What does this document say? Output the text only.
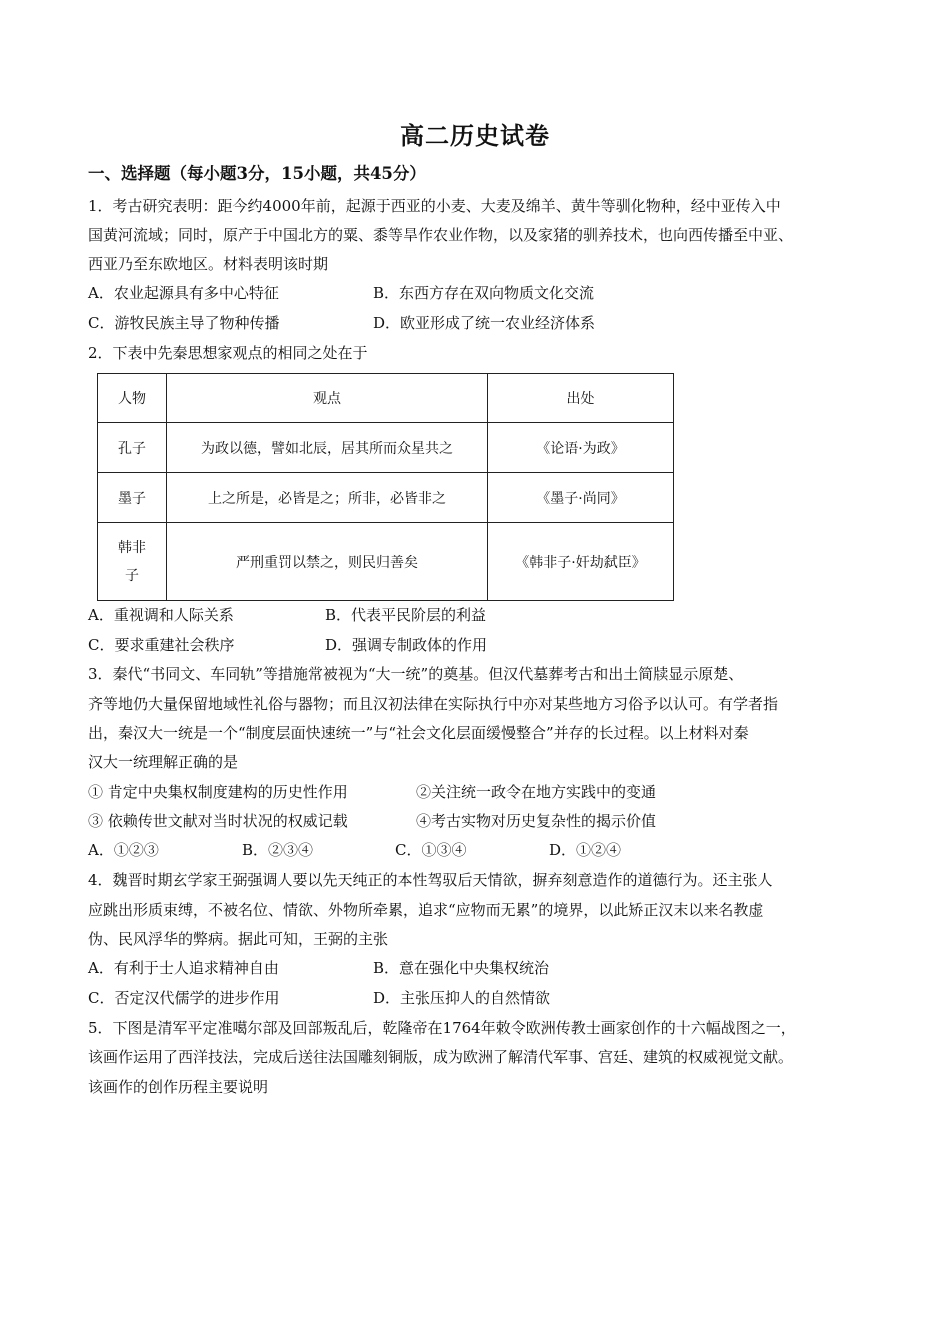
高二历史试卷
一、选择题（每小题3分，15小题，共45分）
1．考古研究表明：距今约4000年前，起源于西亚的小麦、大麦及绵羊、黄牛等驯化物种，经中亚传入中
国黄河流域；同时，原产于中国北方的粟、黍等旱作农业作物，以及家猪的驯养技术，也向西传播至中亚、
西亚乃至东欧地区。材料表明该时期
A．农业起源具有多中心特征	B．东西方存在双向物质文化交流
C．游牧民族主导了物种传播	D．欧亚形成了统一农业经济体系
2．下表中先秦思想家观点的相同之处在于
人物	观点	出处
孔子	为政以德，譬如北辰，居其所而众星共之	《论语·为政》
墨子	上之所是，必皆是之；所非，必皆非之	《墨子·尚同》
韩非子	严刑重罚以禁之，则民归善矣	《韩非子·奸劫弑臣》
A．重视调和人际关系	B．代表平民阶层的利益
C．要求重建社会秩序	D．强调专制政体的作用
3．秦代“书同文、车同轨”等措施常被视为“大一统”的奠基。但汉代墓葬考古和出土简牍显示原楚、
齐等地仍大量保留地域性礼俗与器物；而且汉初法律在实际执行中亦对某些地方习俗予以认可。有学者指
出，秦汉大一统是一个“制度层面快速统一”与“社会文化层面缓慢整合”并存的长过程。以上材料对秦
汉大一统理解正确的是
① 肯定中央集权制度建构的历史性作用	②关注统一政令在地方实践中的变通
③ 依赖传世文献对当时状况的权威记载	④考古实物对历史复杂性的揭示价值
A．①②③	B．②③④	C．①③④	D．①②④
4．魏晋时期玄学家王弼强调人要以先天纯正的本性驾驭后天情欲，摒弃刻意造作的道德行为。还主张人
应跳出形质束缚，不被名位、情欲、外物所牵累，追求“应物而无累”的境界，以此矫正汉末以来名教虚
伪、民风浮华的弊病。据此可知，王弼的主张
A．有利于士人追求精神自由	B．意在强化中央集权统治
C．否定汉代儒学的进步作用	D．主张压抑人的自然情欲
5．下图是清军平定准噶尔部及回部叛乱后，乾隆帝在1764年敕令欧洲传教士画家创作的十六幅战图之一，
该画作运用了西洋技法，完成后送往法国雕刻铜版，成为欧洲了解清代军事、宫廷、建筑的权威视觉文献。
该画作的创作历程主要说明
